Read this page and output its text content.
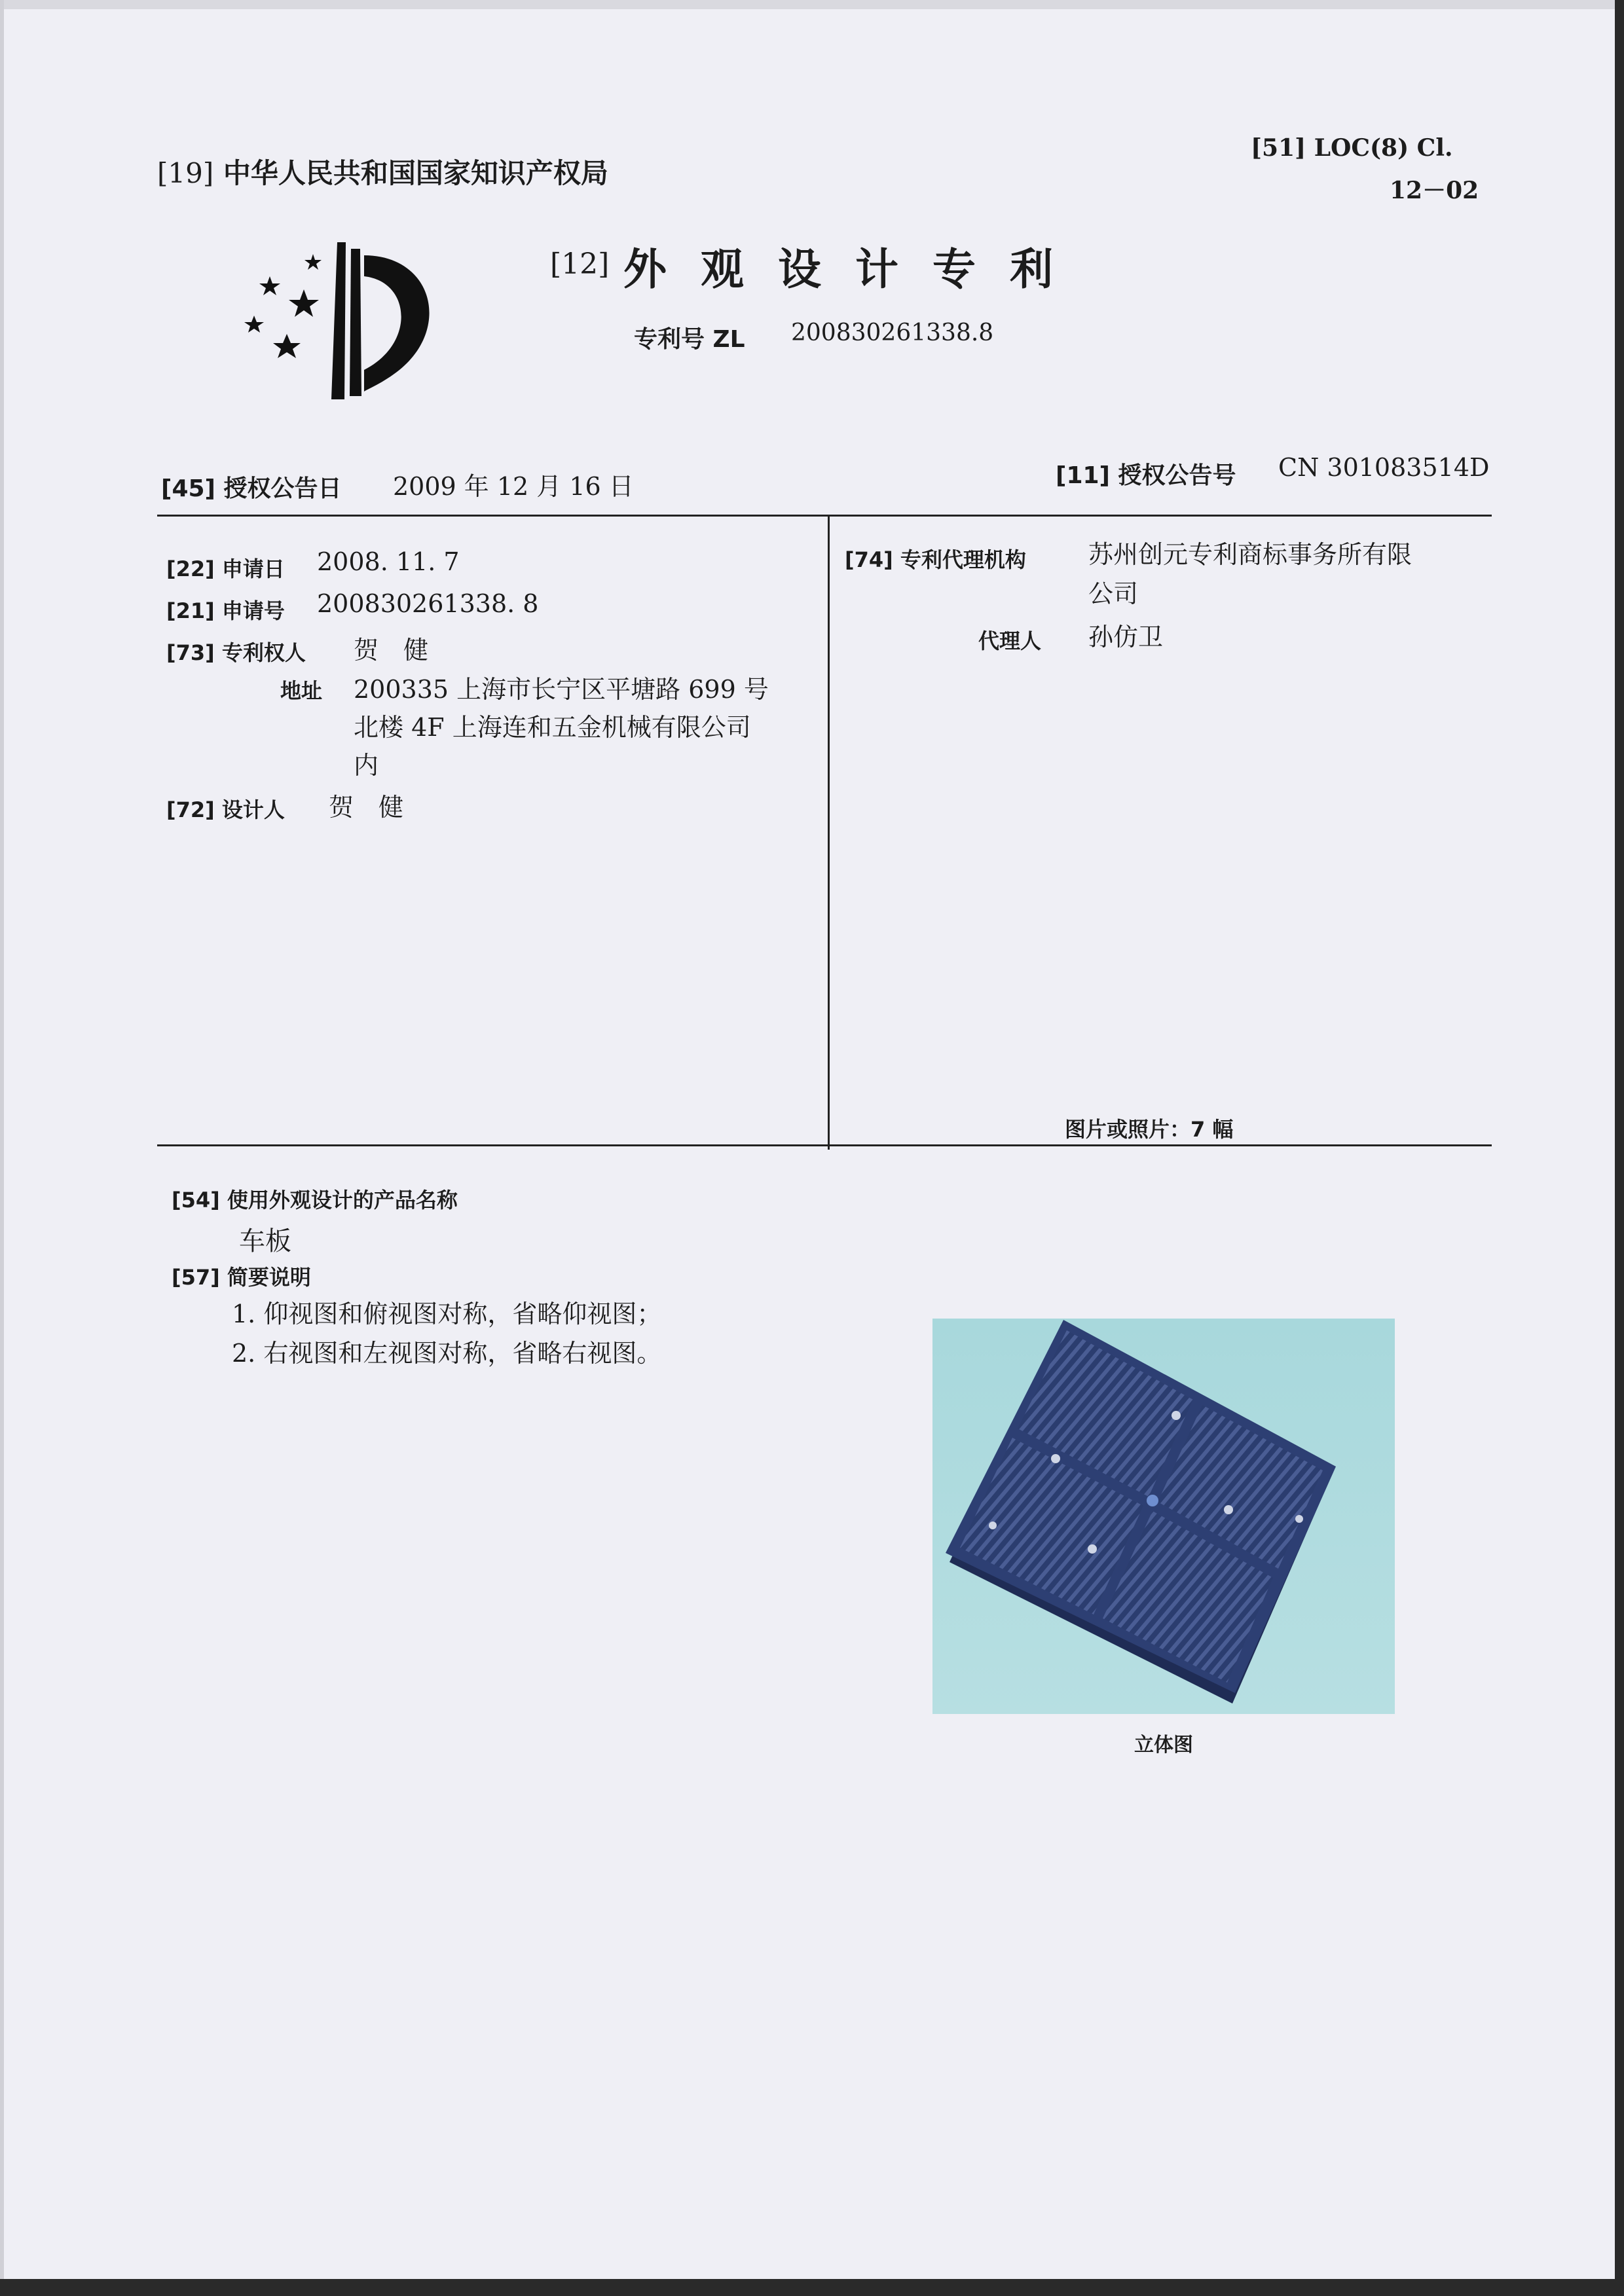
[19] 中华人民共和国国家知识产权局
[51] LOC(8) Cl.
12－02
[12] 外观设计专利
专利号 ZL 200830261338.8
[45] 授权公告日 2009 年 12 月 16 日	[11] 授权公告号 CN 301083514D
[22] 申请日 2008. 11. 7
[21] 申请号 200830261338. 8
[73] 专利权人 贺　健
地址 200335 上海市长宁区平塘路 699 号
北楼 4F 上海连和五金机械有限公司
内
[72] 设计人 贺　健
[74] 专利代理机构	苏州创元专利商标事务所有限
公司
代理人 孙仿卫
图片或照片：7 幅
[54] 使用外观设计的产品名称
车板
[57] 简要说明
1. 仰视图和俯视图对称，省略仰视图；
2. 右视图和左视图对称，省略右视图。
立体图
